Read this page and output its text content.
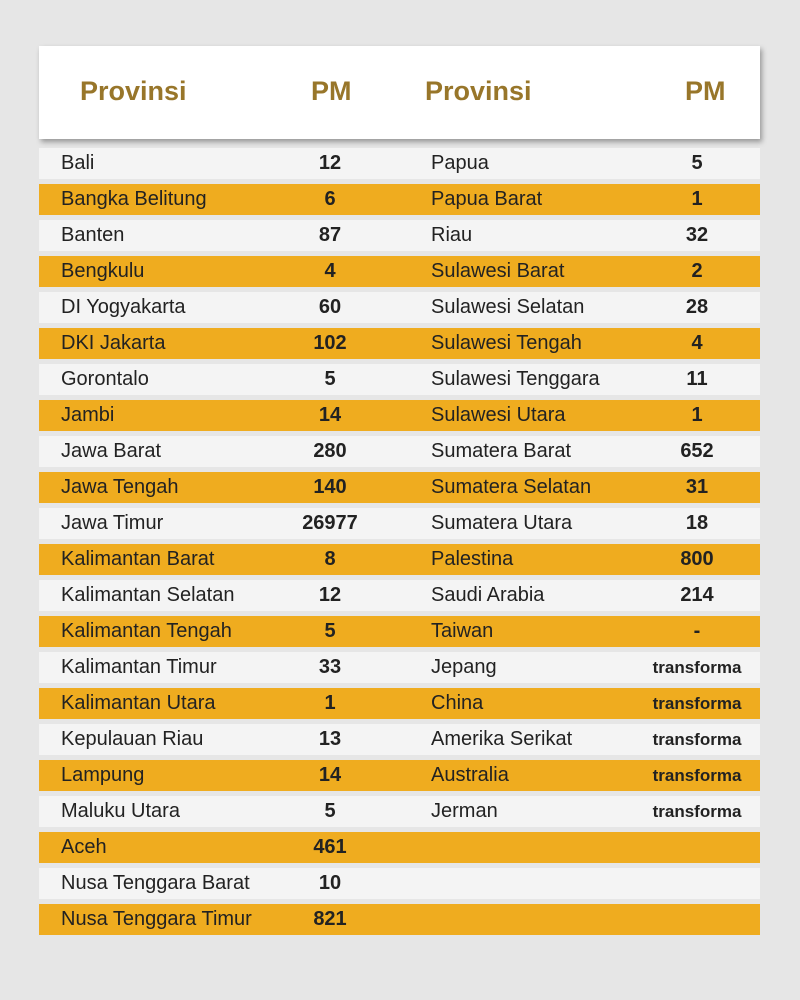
Provinsi	PM	Provinsi	PM
Bali	12	Papua	5
Bangka Belitung	6	Papua Barat	1
Banten	87	Riau	32
Bengkulu	4	Sulawesi Barat	2
DI Yogyakarta	60	Sulawesi Selatan	28
DKI Jakarta	102	Sulawesi Tengah	4
Gorontalo	5	Sulawesi Tenggara	11
Jambi	14	Sulawesi Utara	1
Jawa Barat	280	Sumatera Barat	652
Jawa Tengah	140	Sumatera Selatan	31
Jawa Timur	26977	Sumatera Utara	18
Kalimantan Barat	8	Palestina	800
Kalimantan Selatan	12	Saudi Arabia	214
Kalimantan Tengah	5	Taiwan	-
Kalimantan Timur	33	Jepang	transforma
Kalimantan Utara	1	China	transforma
Kepulauan Riau	13	Amerika Serikat	transforma
Lampung	14	Australia	transforma
Maluku Utara	5	Jerman	transforma
Aceh	461
Nusa Tenggara Barat	10
Nusa Tenggara Timur	821
